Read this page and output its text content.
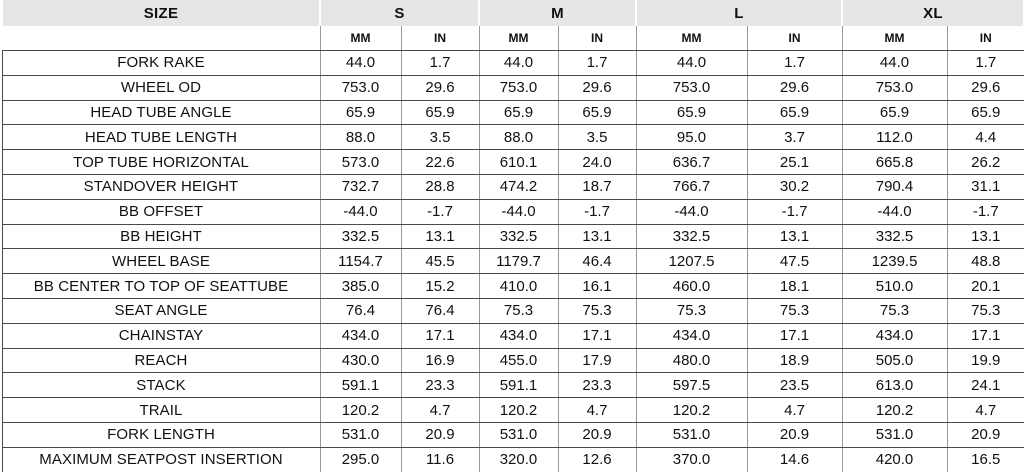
SIZE	S		M		L		XL	
	MM	IN	MM	IN	MM	IN	MM	IN
FORK RAKE	44.0	1.7	44.0	1.7	44.0	1.7	44.0	1.7
WHEEL OD	753.0	29.6	753.0	29.6	753.0	29.6	753.0	29.6
HEAD TUBE ANGLE	65.9	65.9	65.9	65.9	65.9	65.9	65.9	65.9
HEAD TUBE LENGTH	88.0	3.5	88.0	3.5	95.0	3.7	112.0	4.4
TOP TUBE HORIZONTAL	573.0	22.6	610.1	24.0	636.7	25.1	665.8	26.2
STANDOVER HEIGHT	732.7	28.8	474.2	18.7	766.7	30.2	790.4	31.1
BB OFFSET	-44.0	-1.7	-44.0	-1.7	-44.0	-1.7	-44.0	-1.7
BB HEIGHT	332.5	13.1	332.5	13.1	332.5	13.1	332.5	13.1
WHEEL BASE	1154.7	45.5	1179.7	46.4	1207.5	47.5	1239.5	48.8
BB CENTER TO TOP OF SEATTUBE	385.0	15.2	410.0	16.1	460.0	18.1	510.0	20.1
SEAT ANGLE	76.4	76.4	75.3	75.3	75.3	75.3	75.3	75.3
CHAINSTAY	434.0	17.1	434.0	17.1	434.0	17.1	434.0	17.1
REACH	430.0	16.9	455.0	17.9	480.0	18.9	505.0	19.9
STACK	591.1	23.3	591.1	23.3	597.5	23.5	613.0	24.1
TRAIL	120.2	4.7	120.2	4.7	120.2	4.7	120.2	4.7
FORK LENGTH	531.0	20.9	531.0	20.9	531.0	20.9	531.0	20.9
MAXIMUM SEATPOST INSERTION	295.0	11.6	320.0	12.6	370.0	14.6	420.0	16.5
